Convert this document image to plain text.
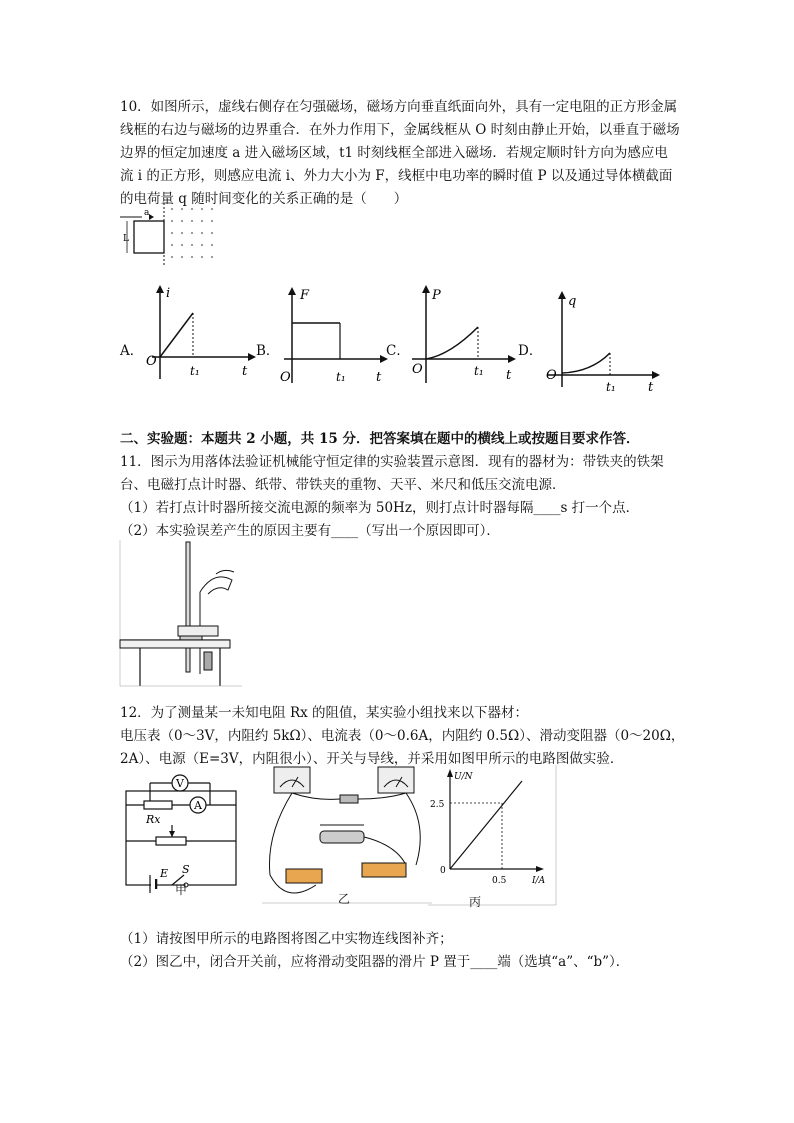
10．如图所示，虚线右侧存在匀强磁场，磁场方向垂直纸面向外，具有一定电阻的正方形金属线框的右边与磁场的边界重合．在外力作用下，金属线框从 O 时刻由静止开始，以垂直于磁场边界的恒定加速度 a 进入磁场区域，t1 时刻线框全部进入磁场．若规定顺时针方向为感应电流 i 的正方形，则感应电流 i、外力大小为 F，线框中电功率的瞬时值 P 以及通过导体横截面的电荷量 q 随时间变化的关系正确的是（　　）

a
L
A．
i
O
t
t₁
B．
F
O	t
t₁
C．
P
O	t
t₁
D．
q
O
t
t₁

二、实验题：本题共 2 小题，共 15 分．把答案填在题中的横线上或按题目要求作答．

11．图示为用落体法验证机械能守恒定律的实验装置示意图．现有的器材为：带铁夹的铁架台、电磁打点计时器、纸带、带铁夹的重物、天平、米尺和低压交流电源．

（1）若打点计时器所接交流电源的频率为 50Hz，则打点计时器每隔____s 打一个点．

（2）本实验误差产生的原因主要有____（写出一个原因即可）．

12．为了测量某一未知电阻 Rx 的阻值，某实验小组找来以下器材：
电压表（0～3V，内阻约 5kΩ）、电流表（0～0.6A，内阻约 0.5Ω）、滑动变阻器（0～20Ω，2A）、电源（E=3V，内阻很小）、开关与导线，并采用如图甲所示的电路图做实验．

V
A
Rx
E S
甲
乙
U/N
I/A
0
2.5
0.5
丙

（1）请按图甲所示的电路图将图乙中实物连线图补齐；

（2）图乙中，闭合开关前，应将滑动变阻器的滑片 P 置于____端（选填“a”、“b”）．
